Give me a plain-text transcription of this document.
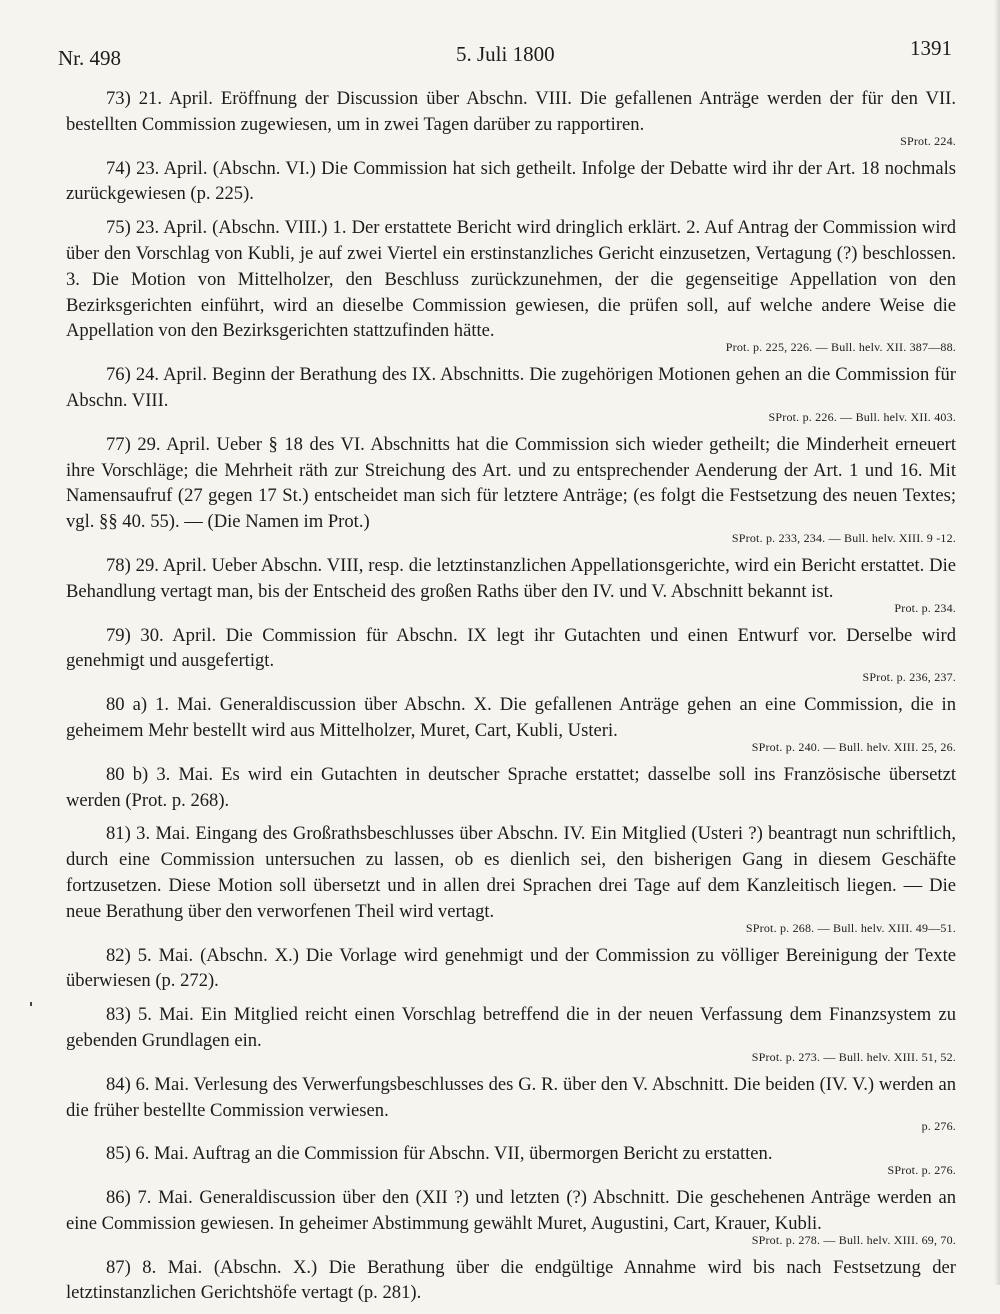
Nr. 498	5. Juli 1800	1391

73) 21. April. Eröffnung der Discussion über Abschn. VIII. Die gefallenen Anträge werden der für den VII. bestellten Commission zugewiesen, um in zwei Tagen darüber zu rapportiren.

SProt. 224.

74) 23. April. (Abschn. VI.) Die Commission hat sich getheilt. Infolge der Debatte wird ihr der Art. 18 nochmals zurückgewiesen (p. 225).

75) 23. April. (Abschn. VIII.) 1. Der erstattete Bericht wird dringlich erklärt. 2. Auf Antrag der Commission wird über den Vorschlag von Kubli, je auf zwei Viertel ein erstinstanzliches Gericht einzusetzen, Vertagung (?) beschlossen. 3. Die Motion von Mittelholzer, den Beschluss zurückzunehmen, der die gegenseitige Appellation von den Bezirksgerichten einführt, wird an dieselbe Commission gewiesen, die prüfen soll, auf welche andere Weise die Appellation von den Bezirksgerichten stattzufinden hätte.

Prot. p. 225, 226. — Bull. helv. XII. 387—88.

76) 24. April. Beginn der Berathung des IX. Abschnitts. Die zugehörigen Motionen gehen an die Commission für Abschn. VIII.

SProt. p. 226. — Bull. helv. XII. 403.

77) 29. April. Ueber § 18 des VI. Abschnitts hat die Commission sich wieder getheilt; die Minderheit erneuert ihre Vorschläge; die Mehrheit räth zur Streichung des Art. und zu entsprechender Aenderung der Art. 1 und 16. Mit Namensaufruf (27 gegen 17 St.) entscheidet man sich für letztere Anträge; (es folgt die Festsetzung des neuen Textes; vgl. §§ 40. 55). — (Die Namen im Prot.)

SProt. p. 233, 234. — Bull. helv. XIII. 9 -12.

78) 29. April. Ueber Abschn. VIII, resp. die letztinstanzlichen Appellationsgerichte, wird ein Bericht erstattet. Die Behandlung vertagt man, bis der Entscheid des großen Raths über den IV. und V. Abschnitt bekannt ist.

Prot. p. 234.

79) 30. April. Die Commission für Abschn. IX legt ihr Gutachten und einen Entwurf vor. Derselbe wird genehmigt und ausgefertigt.

SProt. p. 236, 237.

80 a) 1. Mai. Generaldiscussion über Abschn. X. Die gefallenen Anträge gehen an eine Commission, die in geheimem Mehr bestellt wird aus Mittelholzer, Muret, Cart, Kubli, Usteri.

SProt. p. 240. — Bull. helv. XIII. 25, 26.

80 b) 3. Mai. Es wird ein Gutachten in deutscher Sprache erstattet; dasselbe soll ins Französische übersetzt werden (Prot. p. 268).

81) 3. Mai. Eingang des Großrathsbeschlusses über Abschn. IV. Ein Mitglied (Usteri ?) beantragt nun schriftlich, durch eine Commission untersuchen zu lassen, ob es dienlich sei, den bisherigen Gang in diesem Geschäfte fortzusetzen. Diese Motion soll übersetzt und in allen drei Sprachen drei Tage auf dem Kanzleitisch liegen. — Die neue Berathung über den verworfenen Theil wird vertagt.

SProt. p. 268. — Bull. helv. XIII. 49—51.

82) 5. Mai. (Abschn. X.) Die Vorlage wird genehmigt und der Commission zu völliger Bereinigung der Texte überwiesen (p. 272).

83) 5. Mai. Ein Mitglied reicht einen Vorschlag betreffend die in der neuen Verfassung dem Finanzsystem zu gebenden Grundlagen ein.

SProt. p. 273. — Bull. helv. XIII. 51, 52.

84) 6. Mai. Verlesung des Verwerfungsbeschlusses des G. R. über den V. Abschnitt. Die beiden (IV. V.) werden an die früher bestellte Commission verwiesen.

p. 276.

85) 6. Mai. Auftrag an die Commission für Abschn. VII, übermorgen Bericht zu erstatten.

SProt. p. 276.

86) 7. Mai. Generaldiscussion über den (XII ?) und letzten (?) Abschnitt. Die geschehenen Anträge werden an eine Commission gewiesen. In geheimer Abstimmung gewählt Muret, Augustini, Cart, Krauer, Kubli.

SProt. p. 278. — Bull. helv. XIII. 69, 70.

87) 8. Mai. (Abschn. X.) Die Berathung über die endgültige Annahme wird bis nach Festsetzung der letztinstanzlichen Gerichtshöfe vertagt (p. 281).
